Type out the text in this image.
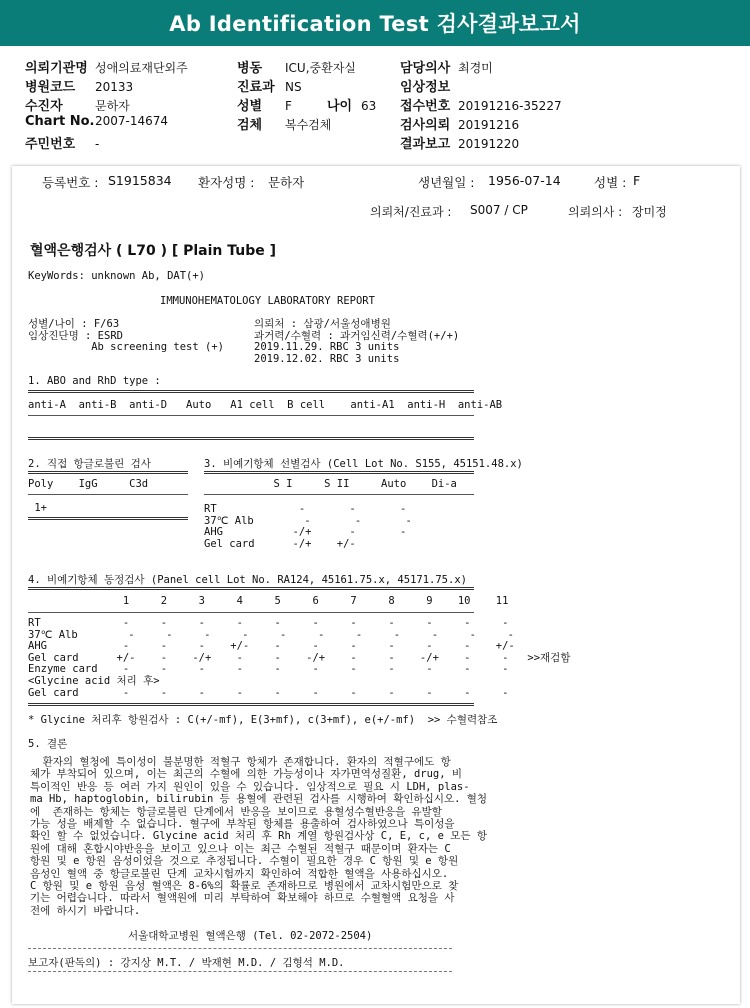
Ab Identification Test 검사결과보고서
의뢰기관명 성애의료재단외주
병원코드 20133
수진자	문하자
Chart No.2007-14674
주민번호 -
병동 ICU,중환자실
진료과 NS
성별 F	나이 63
검체 복수검체
담당의사 최경미
임상정보
접수번호 20191216-35227
검사의뢰 20191216
결과보고 20191220
등록번호 : S1915834 환자성명 : 문하자	생년월일 : 1956-07-14	성별 : F
의뢰처/진료과 : S007 / CP	의뢰의사 : 장미정
혈액은행검사 ( L70 ) [ Plain Tube ]
KeyWords: unknown Ab, DAT(+)
IMMUNOHEMATOLOGY LABORATORY REPORT
성별/나이 : F/63
임상진단명 : ESRD
Ab screening test (+)
의뢰처 : 삼광/서울성애병원
과거력/수혈력 : 과거임신력/수혈력(+/+)
2019.11.29. RBC 3 units
2019.12.02. RBC 3 units
1. ABO and RhD type :
anti-A  anti-B  anti-D   Auto   A1 cell  B cell    anti-A1  anti-H  anti-AB
2. 직접 항글로불린 검사
Poly    IgG     C3d
1+
3. 비예기항체 선별검사 (Cell Lot No. S155, 45151.48.x)
S I     S II     Auto    Di-a
RT             -       -       -
37℃ Alb        -       -       -
AHG           -/+      -       -
Gel card      -/+    +/-
4. 비예기항체 동정검사 (Panel cell Lot No. RA124, 45161.75.x, 45171.75.x)
1     2     3     4     5     6     7     8     9    10    11
RT             -     -     -     -     -     -     -     -     -     -     -
37℃ Alb        -     -     -     -     -     -     -     -     -     -     -
AHG            -     -     -    +/-    -     -     -     -     -     -    +/-
Gel card      +/-    -    -/+    -     -    -/+    -     -    -/+    -     -   >>재검함
Enzyme card    -     -     -     -     -     -     -     -     -     -     -
<Glycine acid 처리 후>
Gel card       -     -     -     -     -     -     -     -     -     -     -
* Glycine 처리후 항원검사 : C(+/-mf), E(3+mf), c(3+mf), e(+/-mf)  >> 수혈력참조
5. 결론
환자의 혈청에 특이성이 불분명한 적혈구 항체가 존재합니다. 환자의 적혈구에도 항
체가 부착되어 있으며, 이는 최근의 수혈에 의한 가능성이나 자가면역성질환, drug, 비
특이적인 반응 등 여러 가지 원인이 있을 수 있습니다. 임상적으로 필요 시 LDH, plas-
ma Hb, haptoglobin, bilirubin 등 용혈에 관련된 검사를 시행하여 확인하십시오. 혈청
에  존재하는 항체는 항글로불린 단계에서 반응을 보이므로 용혈성수혈반응을 유발할
가능 성을 배제할 수 없습니다. 혈구에 부착된 항체를 용출하여 검사하였으나 특이성을
확인 할 수 없었습니다. Glycine acid 처리 후 Rh 계열 항원검사상 C, E, c, e 모든 항
원에 대해 혼합시야반응을 보이고 있으나 이는 최근 수혈된 적혈구 때문이며 환자는 C
항원 및 e 항원 음성이었을 것으로 추정됩니다. 수혈이 필요한 경우 C 항원 및 e 항원
음성인 혈액 중 항글로불린 단계 교차시험까지 확인하여 적합한 혈액을 사용하십시오.
C 항원 및 e 항원 음성 혈액은 8-6%의 확률로 존재하므로 병원에서 교차시험만으로 찾
기는 어렵습니다. 따라서 혈액원에 미리 부탁하여 확보해야 하므로 수혈혈액 요청을 사
전에 하시기 바랍니다.
서울대학교병원 혈액은행 (Tel. 02-2072-2504)
보고자(판독의) : 강지상 M.T. / 박재현 M.D. / 김형석 M.D.
